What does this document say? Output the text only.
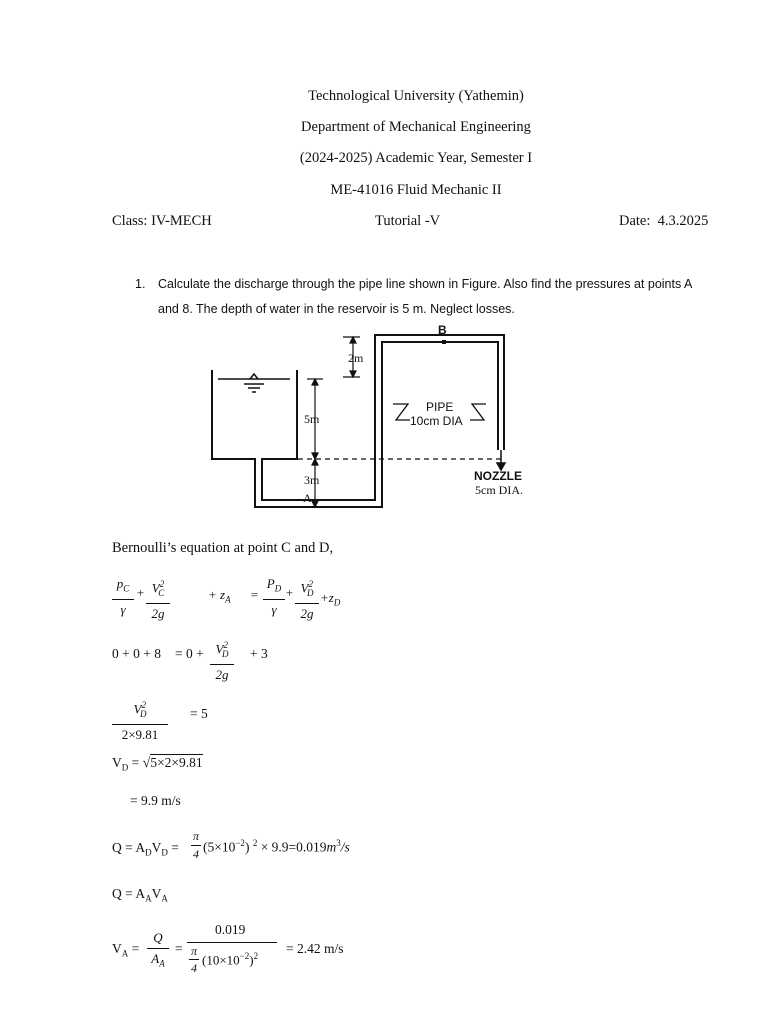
Technological University (Yathemin)
Department of Mechanical Engineering
(2024-2025) Academic Year, Semester I
ME-41016 Fluid Mechanic II
Class: IV-MECH	Tutorial -V	Date: 4.3.2025
1. Calculate the discharge through the pipe line shown in Figure. Also find the pressures at points A
and 8. The depth of water in the reservoir is 5 m. Neglect losses.
B
2m
5m
3m
A
PIPE
10cm DIA
NOZZLE
5cm DIA.
Bernoulli’s equation at point C and D,
$p_C$
γ
+ $V^2_C$
2g
+ $z_A$ =
$P_D$
γ
+ $V^2_D$
2g
$+z_D$
$0 + 0 + 8 = 0 + V^2_D$
2g
+ 3
$V^2_D$
2×9.81
= 5
$V_D = √5\times 2\times 9.81$
= 9.9 m/s
$Q = A_DV_D$ =
π
4 $(5\times 10^{-2}) ^2 \times 9.9=0.019m^3/s$
$Q = A_AV_A$
$V_A$ =
Q
$A_A$
=
0.019
π
4
$(10\times 10^{-2})^2 = 2.42$ m/s
